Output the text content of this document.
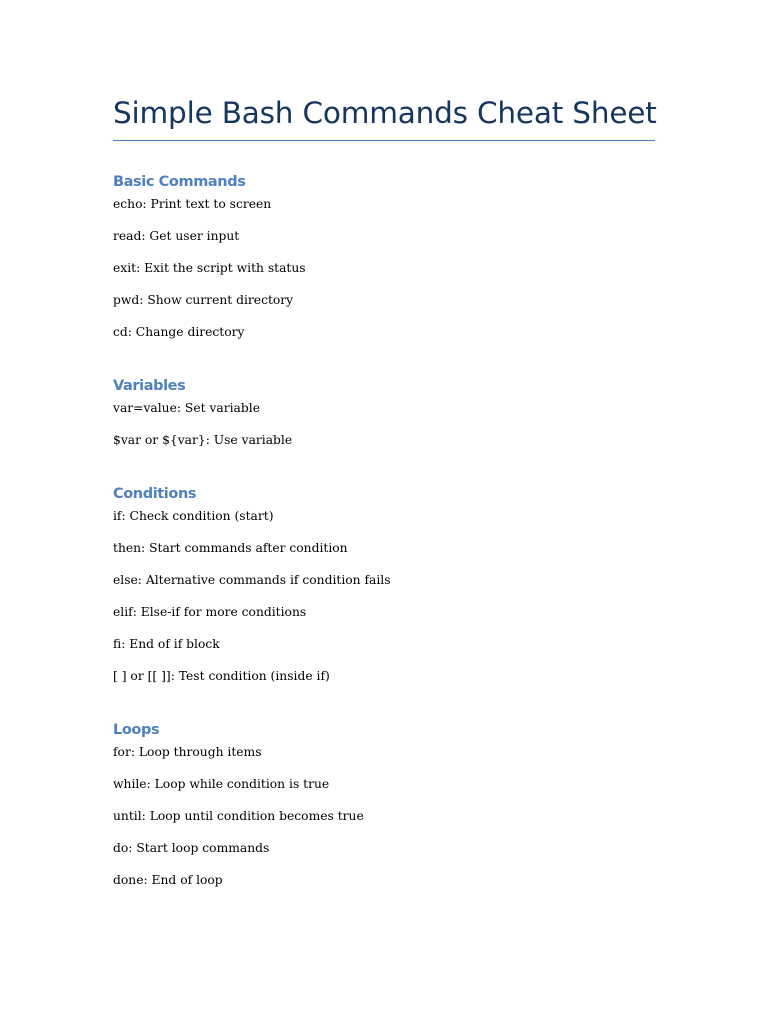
Simple Bash Commands Cheat Sheet
Basic Commands
echo: Print text to screen
read: Get user input
exit: Exit the script with status
pwd: Show current directory
cd: Change directory
Variables
var=value: Set variable
$var or ${var}: Use variable
Conditions
if: Check condition (start)
then: Start commands after condition
else: Alternative commands if condition fails
elif: Else-if for more conditions
fi: End of if block
[ ] or [[ ]]: Test condition (inside if)
Loops
for: Loop through items
while: Loop while condition is true
until: Loop until condition becomes true
do: Start loop commands
done: End of loop
